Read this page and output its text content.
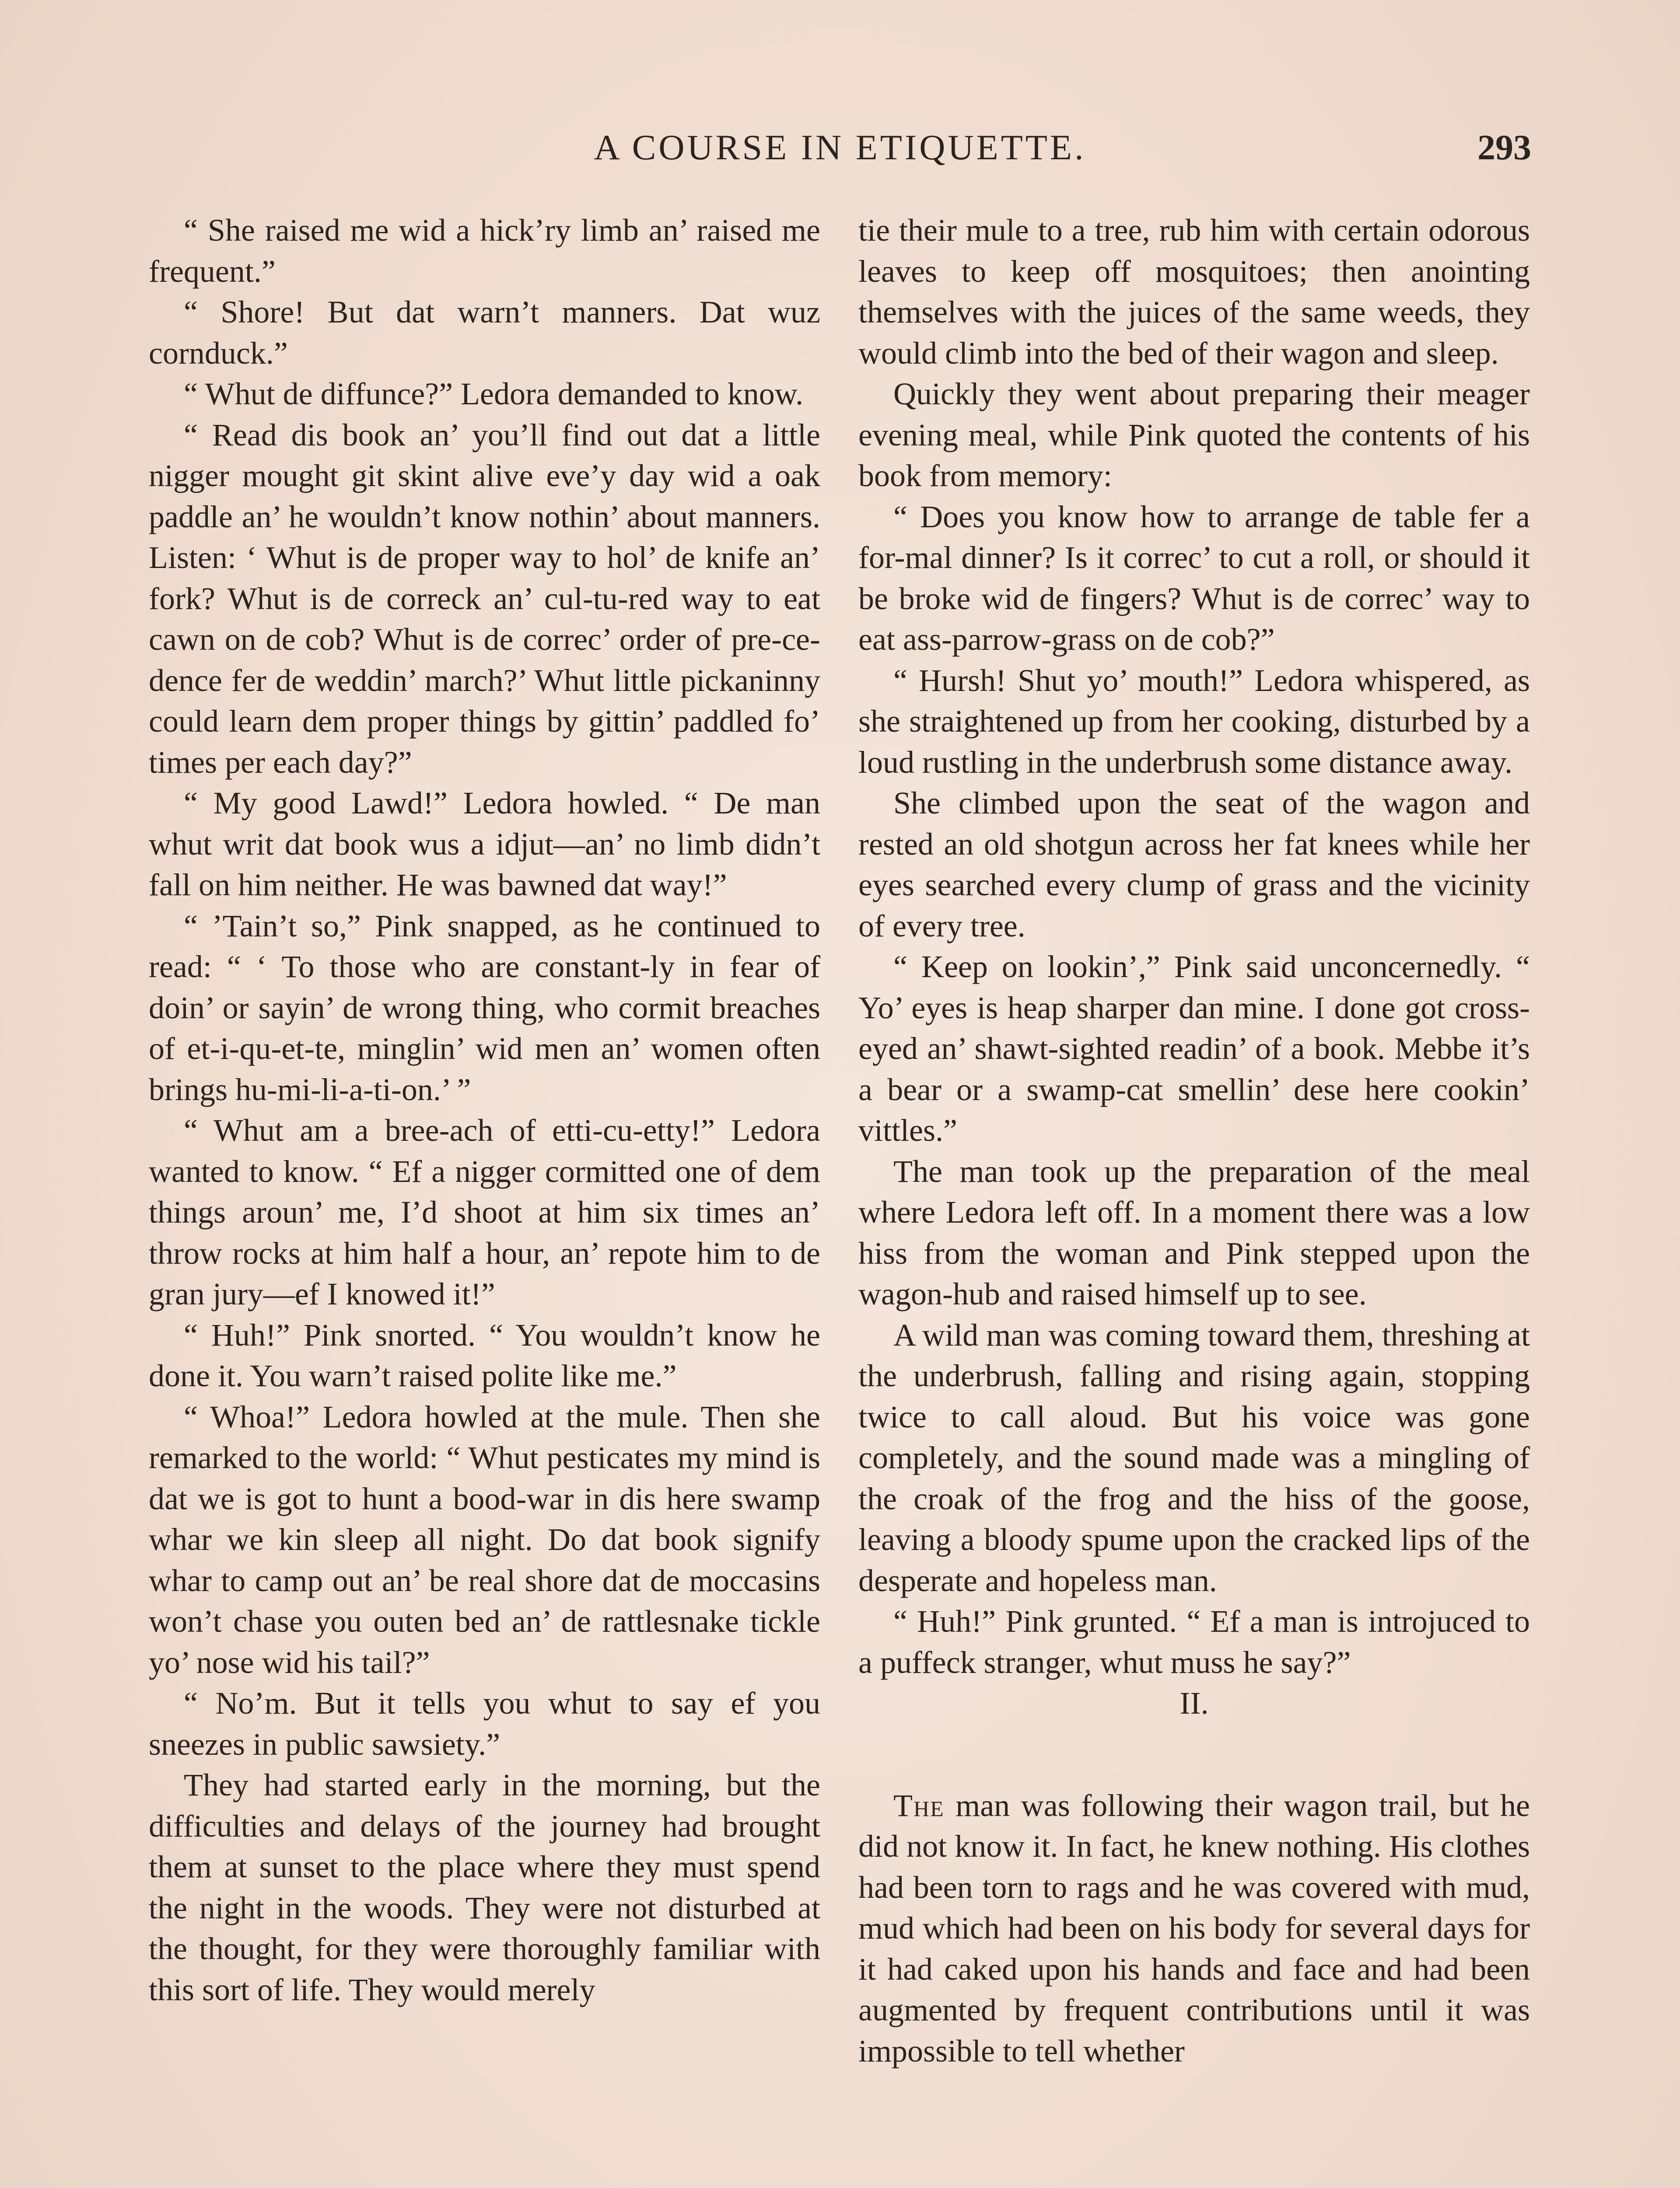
A COURSE IN ETIQUETTE.	293

“ She raised me wid a hick’ry limb an’ raised me frequent.”

“ Shore! But dat warn’t manners. Dat wuz cornduck.”

“ Whut de diffunce?” Ledora demanded to know.

“ Read dis book an’ you’ll find out dat a little nigger mought git skint alive eve’y day wid a oak paddle an’ he wouldn’t know nothin’ about manners. Listen: ‘ Whut is de proper way to hol’ de knife an’ fork? Whut is de correck an’ cul-tu-red way to eat cawn on de cob? Whut is de correc’ order of pre-ce-dence fer de weddin’ march?’ Whut little pickaninny could learn dem proper things by gittin’ paddled fo’ times per each day?”

“ My good Lawd!” Ledora howled. “ De man whut writ dat book wus a idjut—an’ no limb didn’t fall on him neither. He was bawned dat way!”

“ ’Tain’t so,” Pink snapped, as he continued to read: “ ‘ To those who are constant-ly in fear of doin’ or sayin’ de wrong thing, who cormit breaches of et-i-qu-et-te, minglin’ wid men an’ women often brings hu-mi-li-a-ti-on.’ ”

“ Whut am a bree-ach of etti-cu-etty!” Ledora wanted to know. “ Ef a nigger cormitted one of dem things aroun’ me, I’d shoot at him six times an’ throw rocks at him half a hour, an’ repote him to de gran jury—ef I knowed it!”

“ Huh!” Pink snorted. “ You wouldn’t know he done it. You warn’t raised polite like me.”

“ Whoa!” Ledora howled at the mule. Then she remarked to the world: “ Whut pesticates my mind is dat we is got to hunt a bood-war in dis here swamp whar we kin sleep all night. Do dat book signify whar to camp out an’ be real shore dat de moccasins won’t chase you outen bed an’ de rattlesnake tickle yo’ nose wid his tail?”

“ No’m. But it tells you whut to say ef you sneezes in public sawsiety.”

They had started early in the morning, but the difficulties and delays of the journey had brought them at sunset to the place where they must spend the night in the woods. They were not disturbed at the thought, for they were thoroughly familiar with this sort of life. They would merely

tie their mule to a tree, rub him with certain odorous leaves to keep off mosquitoes; then anointing themselves with the juices of the same weeds, they would climb into the bed of their wagon and sleep.

Quickly they went about preparing their meager evening meal, while Pink quoted the contents of his book from memory:

“ Does you know how to arrange de table fer a for-mal dinner? Is it correc’ to cut a roll, or should it be broke wid de fingers? Whut is de correc’ way to eat ass-parrow-grass on de cob?”

“ Hursh! Shut yo’ mouth!” Ledora whispered, as she straightened up from her cooking, disturbed by a loud rustling in the underbrush some distance away.

She climbed upon the seat of the wagon and rested an old shotgun across her fat knees while her eyes searched every clump of grass and the vicinity of every tree.

“ Keep on lookin’,” Pink said unconcernedly. “ Yo’ eyes is heap sharper dan mine. I done got cross-eyed an’ shawt-sighted readin’ of a book. Mebbe it’s a bear or a swamp-cat smellin’ dese here cookin’ vittles.”

The man took up the preparation of the meal where Ledora left off. In a moment there was a low hiss from the woman and Pink stepped upon the wagon-hub and raised himself up to see.

A wild man was coming toward them, threshing at the underbrush, falling and rising again, stopping twice to call aloud. But his voice was gone completely, and the sound made was a mingling of the croak of the frog and the hiss of the goose, leaving a bloody spume upon the cracked lips of the desperate and hopeless man.

“ Huh!” Pink grunted. “ Ef a man is introjuced to a puffeck stranger, whut muss he say?”

II.

The man was following their wagon trail, but he did not know it. In fact, he knew nothing. His clothes had been torn to rags and he was covered with mud, mud which had been on his body for several days for it had caked upon his hands and face and had been augmented by frequent contributions until it was impossible to tell whether
